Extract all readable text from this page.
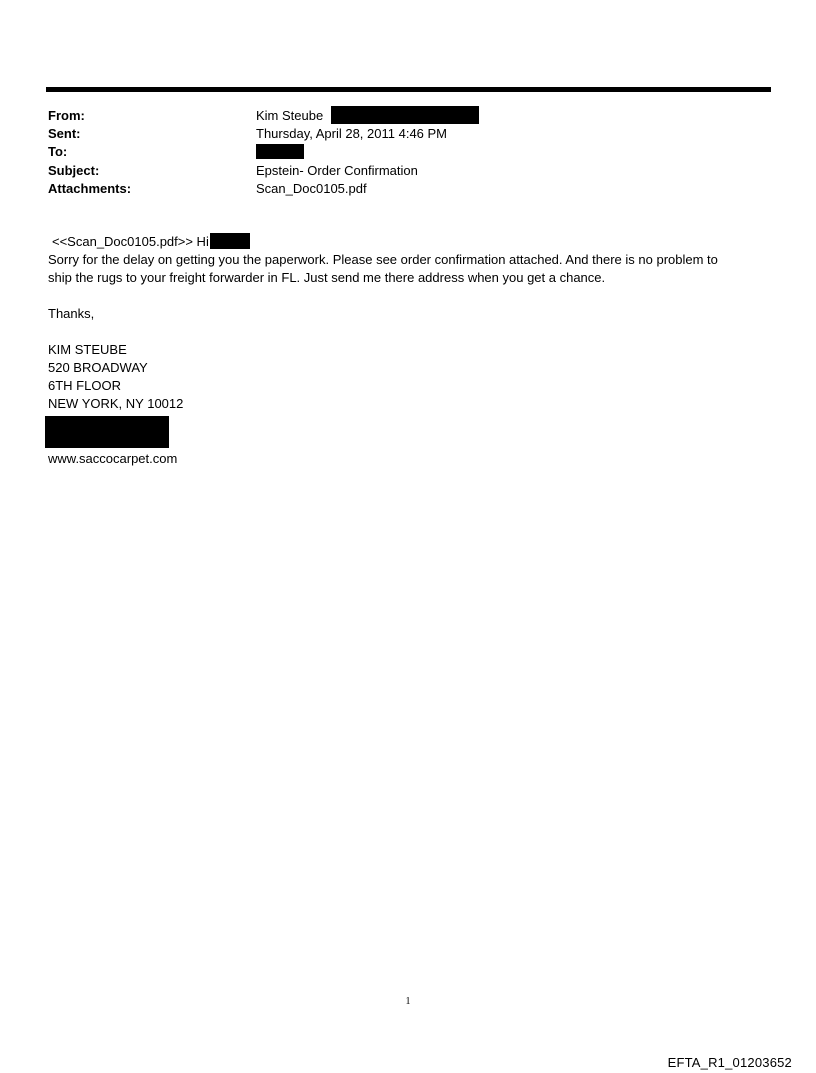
From:	Kim Steube
Sent:	Thursday, April 28, 2011 4:46 PM
To:
Subject:	Epstein- Order Confirmation
Attachments:	Scan_Doc0105.pdf
<<Scan_Doc0105.pdf>> Hi
Sorry for the delay on getting you the paperwork. Please see order confirmation attached. And there is no problem to
ship the rugs to your freight forwarder in FL. Just send me there address when you get a chance.
Thanks,
KIM STEUBE
520 BROADWAY
6TH FLOOR
NEW YORK, NY 10012
www.saccocarpet.com
1
EFTA_R1_01203652
